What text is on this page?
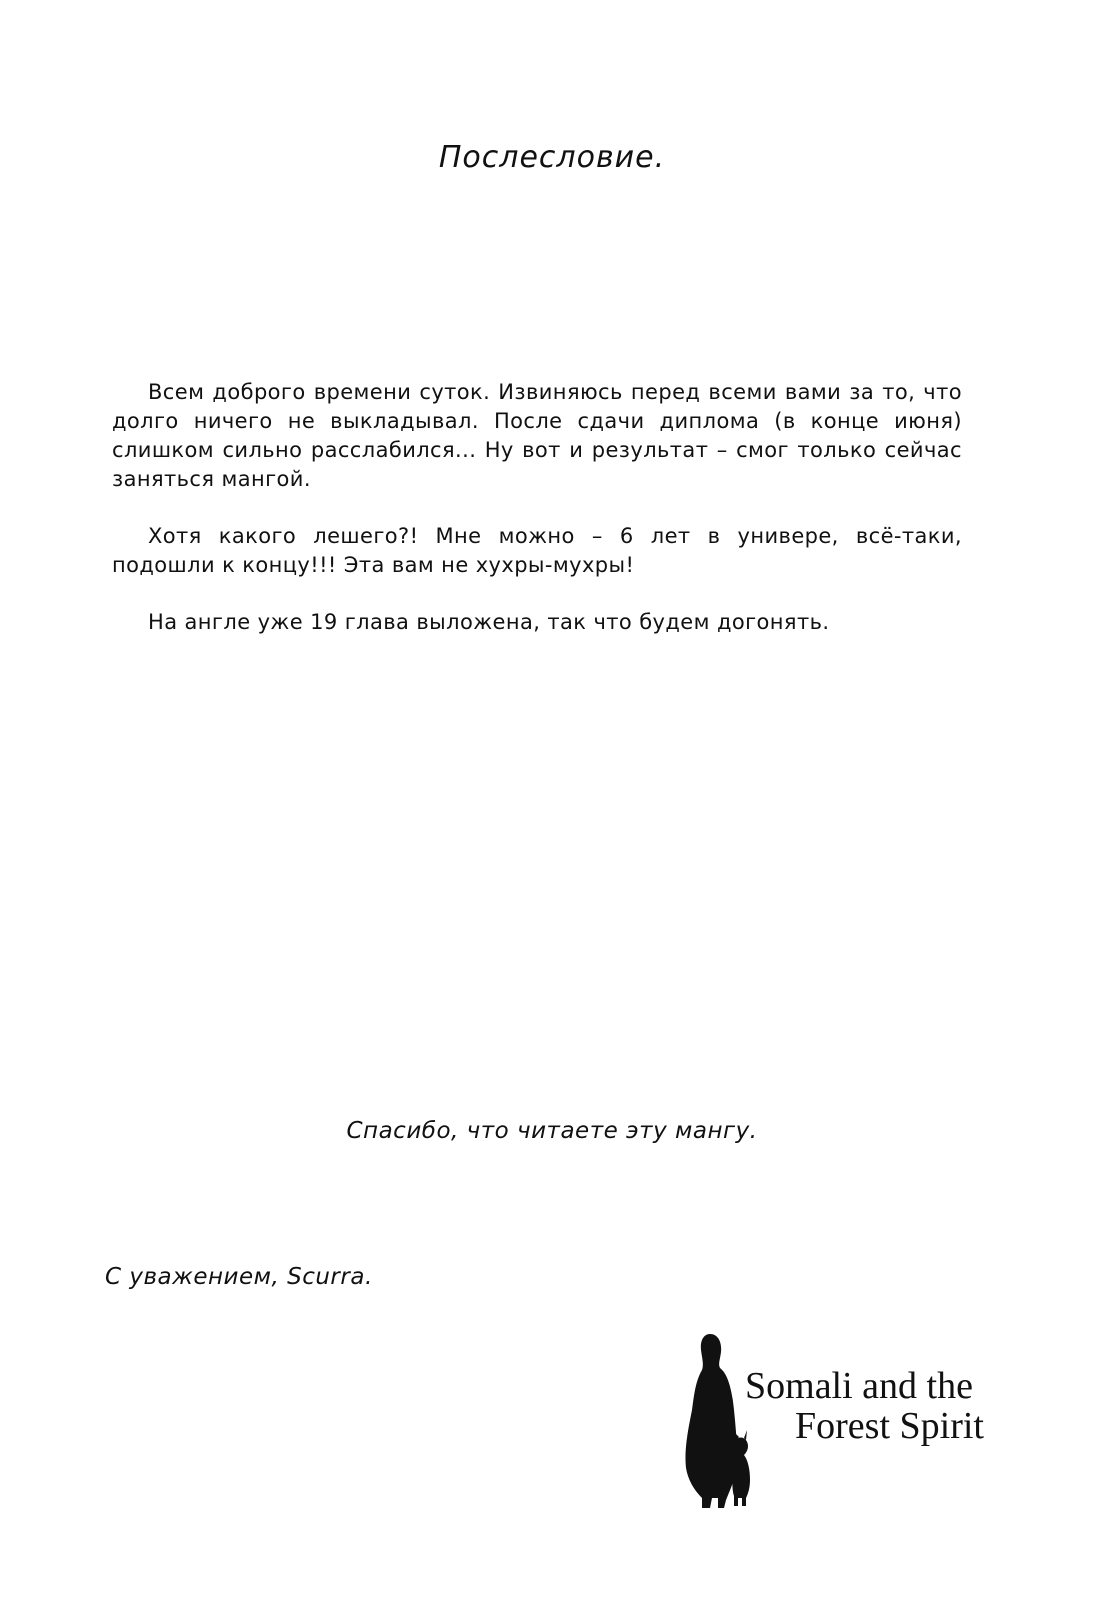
Послесловие.

Всем доброго времени суток. Извиняюсь перед всеми вами за то, что долго ничего не выкладывал. После сдачи диплома (в конце июня) слишком сильно расслабился... Ну вот и результат – смог только сейчас заняться мангой.

Хотя какого лешего?! Мне можно – 6 лет в универе, всё-таки, подошли к концу!!! Эта вам не хухры-мухры!

На англе уже 19 глава выложена, так что будем догонять.

Спасибо, что читаете эту мангу.
С уважением, Scurra.
Somali and the
Forest Spirit
